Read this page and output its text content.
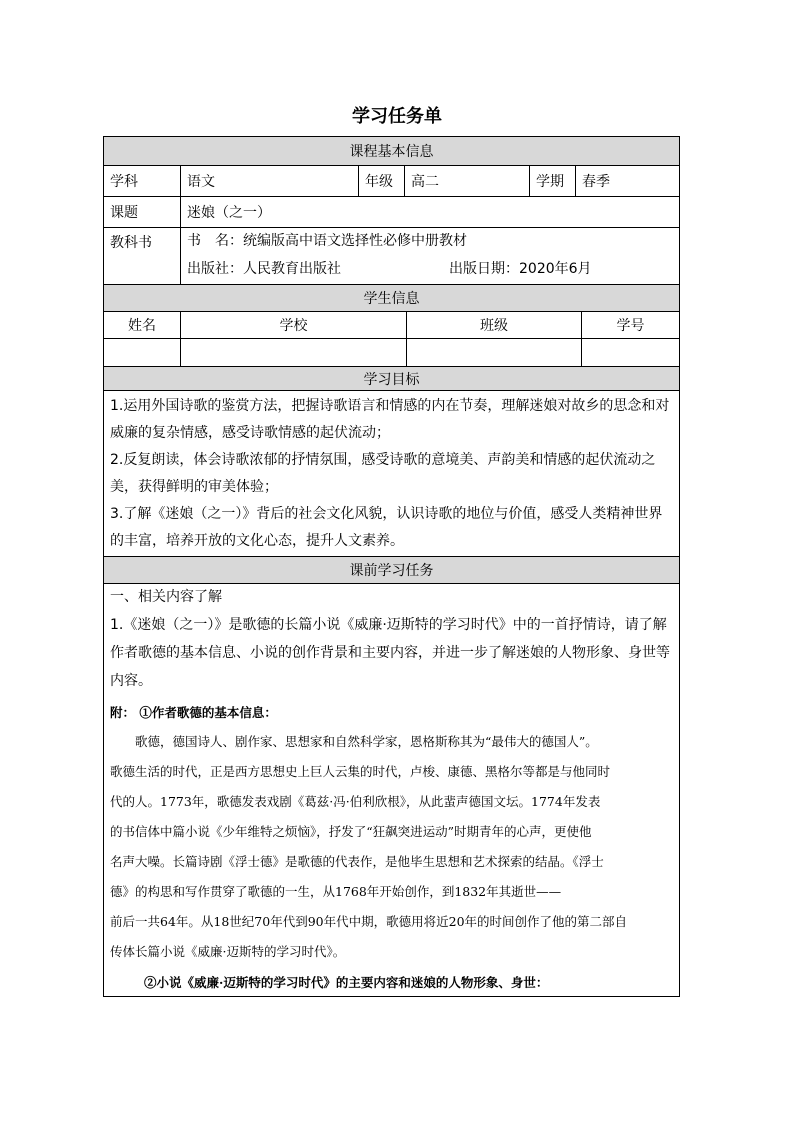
学习任务单
课程基本信息
学科	语文	年级	高二	学期	春季
课题	迷娘（之一）
教科书	书　名：统编版高中语文选择性必修中册教材
出版社：人民教育出版社	出版日期：2020年6月
学生信息
姓名	学校	班级	学号
学习目标
1.运用外国诗歌的鉴赏方法，把握诗歌语言和情感的内在节奏，理解迷娘对故乡的思念和对威廉的复杂情感，感受诗歌情感的起伏流动；
2.反复朗读，体会诗歌浓郁的抒情氛围，感受诗歌的意境美、声韵美和情感的起伏流动之美，获得鲜明的审美体验；
3.了解《迷娘（之一）》背后的社会文化风貌，认识诗歌的地位与价值，感受人类精神世界的丰富，培养开放的文化心态，提升人文素养。
课前学习任务
一、相关内容了解
1.《迷娘（之一）》是歌德的长篇小说《威廉·迈斯特的学习时代》中的一首抒情诗，请了解作者歌德的基本信息、小说的创作背景和主要内容，并进一步了解迷娘的人物形象、身世等内容。

附： ①作者歌德的基本信息：

　　歌德，德国诗人、剧作家、思想家和自然科学家，恩格斯称其为“最伟大的德国人”。

歌德生活的时代，正是西方思想史上巨人云集的时代，卢梭、康德、黑格尔等都是与他同时

代的人。1773年，歌德发表戏剧《葛兹·冯·伯利欣根》，从此蜚声德国文坛。1774年发表

的书信体中篇小说《少年维特之烦恼》，抒发了“狂飙突进运动”时期青年的心声，更使他

名声大噪。长篇诗剧《浮士德》是歌德的代表作，是他毕生思想和艺术探索的结晶。《浮士

德》的构思和写作贯穿了歌德的一生，从1768年开始创作，到1832年其逝世——

前后一共64年。从18世纪70年代到90年代中期，歌德用将近20年的时间创作了他的第二部自

传体长篇小说《威廉·迈斯特的学习时代》。

②小说《威廉·迈斯特的学习时代》的主要内容和迷娘的人物形象、身世：
